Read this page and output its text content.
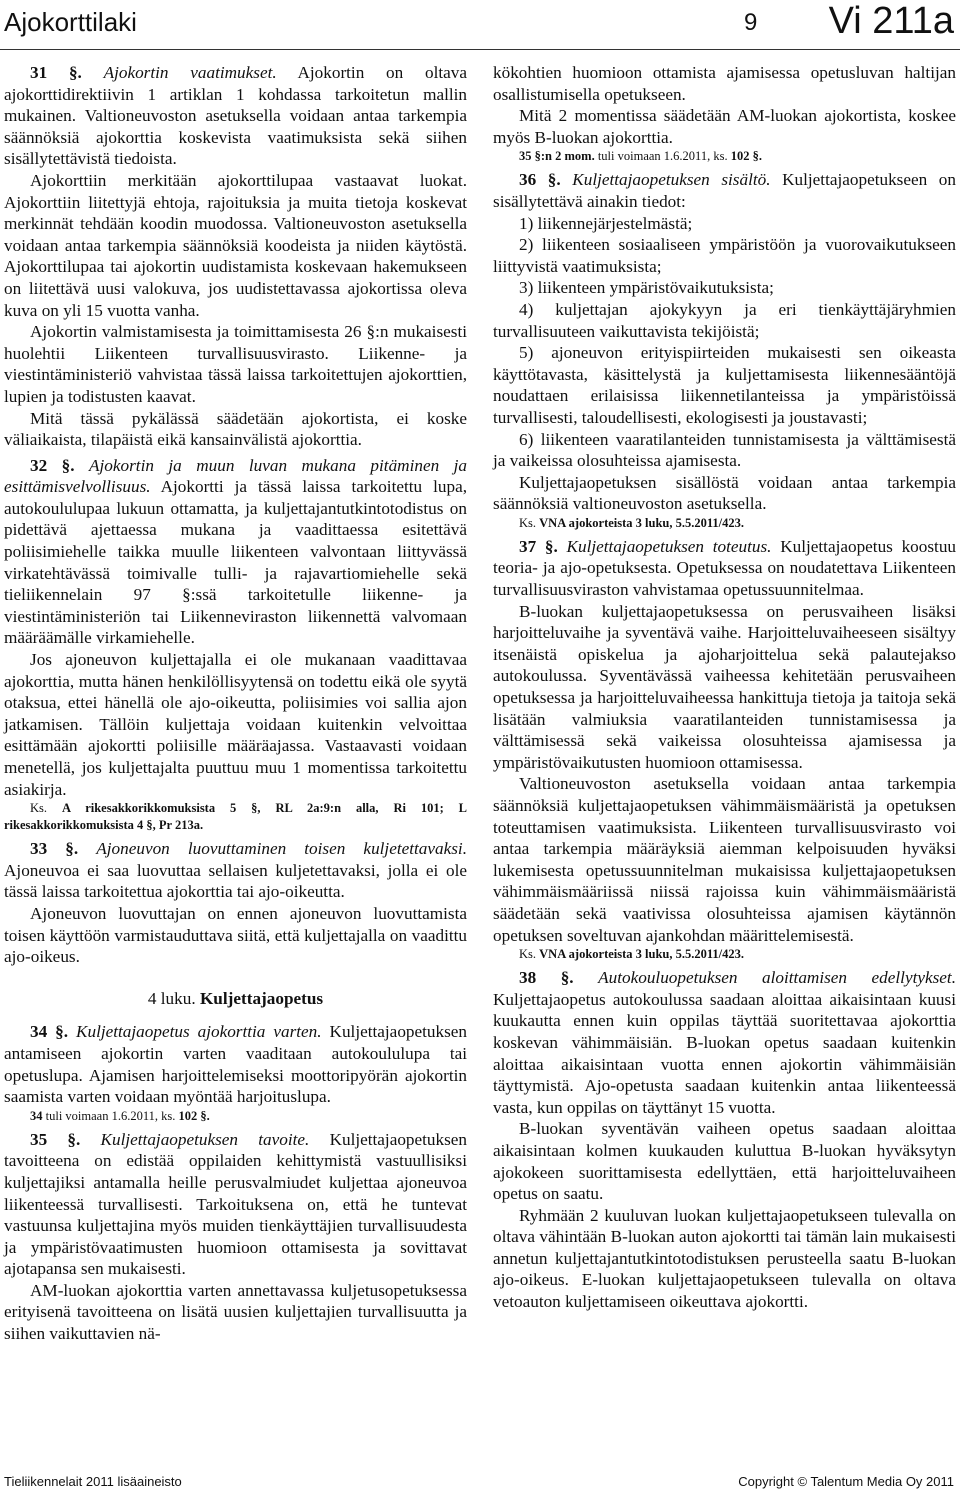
Ajokorttilaki	9 Vi 211a

31 §. Ajokortin vaatimukset. Ajokortin on oltava ajokorttidirektiivin 1 artiklan 1 kohdassa tarkoitetun mallin mukainen. Valtioneuvoston asetuksella voidaan antaa tarkempia säännöksiä ajokorttia koskevista vaatimuksista sekä siihen sisällytettävistä tiedoista.

Ajokorttiin merkitään ajokorttilupaa vastaavat luokat. Ajokorttiin liitettyjä ehtoja, rajoituksia ja muita tietoja koskevat merkinnät tehdään koodin muodossa. Valtioneuvoston asetuksella voidaan antaa tarkempia säännöksiä koodeista ja niiden käytöstä. Ajokorttilupaa tai ajokortin uudistamista koskevaan hakemukseen on liitettävä uusi valokuva, jos uudistettavassa ajokortissa oleva kuva on yli 15 vuotta vanha.

Ajokortin valmistamisesta ja toimittamisesta 26 §:n mukaisesti huolehtii Liikenteen turvallisuusvirasto. Liikenne- ja viestintäministeriö vahvistaa tässä laissa tarkoitettujen ajokorttien, lupien ja todistusten kaavat.

Mitä tässä pykälässä säädetään ajokortista, ei koske väliaikaista, tilapäistä eikä kansainvälistä ajokorttia.

32 §. Ajokortin ja muun luvan mukana pitäminen ja esittämisvelvollisuus. Ajokortti ja tässä laissa tarkoitettu lupa, autokoululupaa lukuun ottamatta, ja kuljettajantutkintotodistus on pidettävä ajettaessa mukana ja vaadittaessa esitettävä poliisimiehelle taikka muulle liikenteen valvontaan liittyvässä virkatehtävässä toimivalle tulli- ja rajavartiomiehelle sekä tieliikennelain 97 §:ssä tarkoitetulle liikenne- ja viestintäministeriön tai Liikenneviraston liikennettä valvomaan määräämälle virkamiehelle.

Jos ajoneuvon kuljettajalla ei ole mukanaan vaadittavaa ajokorttia, mutta hänen henkilöllisyytensä on todettu eikä ole syytä otaksua, ettei hänellä ole ajo-oikeutta, poliisimies voi sallia ajon jatkamisen. Tällöin kuljettaja voidaan kuitenkin velvoittaa esittämään ajokortti poliisille määräajassa. Vastaavasti voidaan menetellä, jos kuljettajalta puuttuu muu 1 momentissa tarkoitettu asiakirja.

Ks. A rikesakkorikkomuksista 5 §, RL 2a:9:n alla, Ri 101; L rikesakkorikkomuksista 4 §, Pr 213a.

33 §. Ajoneuvon luovuttaminen toisen kuljetettavaksi. Ajoneuvoa ei saa luovuttaa sellaisen kuljetettavaksi, jolla ei ole tässä laissa tarkoitettua ajokorttia tai ajo-oikeutta.

Ajoneuvon luovuttajan on ennen ajoneuvon luovuttamista toisen käyttöön varmistauduttava siitä, että kuljettajalla on vaadittu ajo-oikeus.

4 luku. Kuljettajaopetus

34 §. Kuljettajaopetus ajokorttia varten. Kuljettajaopetuksen antamiseen ajokortin varten vaaditaan autokoululupa tai opetuslupa. Ajamisen harjoittelemiseksi moottoripyörän ajokortin saamista varten voidaan myöntää harjoituslupa.

34 tuli voimaan 1.6.2011, ks. 102 §.

35 §. Kuljettajaopetuksen tavoite. Kuljettajaopetuksen tavoitteena on edistää oppilaiden kehittymistä vastuullisiksi kuljettajiksi antamalla heille perusvalmiudet kuljettaa ajoneuvoa liikenteessä turvallisesti. Tarkoituksena on, että he tuntevat vastuunsa kuljettajina myös muiden tienkäyttäjien turvallisuudesta ja ympäristövaatimusten huomioon ottamisesta ja sovittavat ajotapansa sen mukaisesti.

AM-luokan ajokorttia varten annettavassa kuljetusopetuksessa erityisenä tavoitteena on lisätä uusien kuljettajien turvallisuutta ja siihen vaikuttavien nä-

kökohtien huomioon ottamista ajamisessa opetusluvan haltijan osallistumisella opetukseen.

Mitä 2 momentissa säädetään AM-luokan ajokortista, koskee myös B-luokan ajokorttia.

35 §:n 2 mom. tuli voimaan 1.6.2011, ks. 102 §.

36 §. Kuljettajaopetuksen sisältö. Kuljettajaopetukseen on sisällytettävä ainakin tiedot:

1) liikennejärjestelmästä;

2) liikenteen sosiaaliseen ympäristöön ja vuorovaikutukseen liittyvistä vaatimuksista;

3) liikenteen ympäristövaikutuksista;

4) kuljettajan ajokykyyn ja eri tienkäyttäjäryhmien turvallisuuteen vaikuttavista tekijöistä;

5) ajoneuvon erityispiirteiden mukaisesti sen oikeasta käyttötavasta, käsittelystä ja kuljettamisesta liikennesääntöjä noudattaen erilaisissa liikennetilanteissa ja ympäristöissä turvallisesti, taloudellisesti, ekologisesti ja joustavasti;

6) liikenteen vaaratilanteiden tunnistamisesta ja välttämisestä ja vaikeissa olosuhteissa ajamisesta.

Kuljettajaopetuksen sisällöstä voidaan antaa tarkempia säännöksiä valtioneuvoston asetuksella.

Ks. VNA ajokorteista 3 luku, 5.5.2011/423.

37 §. Kuljettajaopetuksen toteutus. Kuljettajaopetus koostuu teoria- ja ajo-opetuksesta. Opetuksessa on noudatettava Liikenteen turvallisuusviraston vahvistamaa opetussuunnitelmaa.

B-luokan kuljettajaopetuksessa on perusvaiheen lisäksi harjoitteluvaihe ja syventävä vaihe. Harjoitteluvaiheeseen sisältyy itsenäistä opiskelua ja ajoharjoittelua sekä palautejakso autokoulussa. Syventävässä vaiheessa kehitetään perusvaiheen opetuksessa ja harjoitteluvaiheessa hankittuja tietoja ja taitoja sekä lisätään valmiuksia vaaratilanteiden tunnistamisessa ja välttämisessä sekä vaikeissa olosuhteissa ajamisessa ja ympäristövaikutusten huomioon ottamisessa.

Valtioneuvoston asetuksella voidaan antaa tarkempia säännöksiä kuljettajaopetuksen vähimmäismääristä ja opetuksen toteuttamisen vaatimuksista. Liikenteen turvallisuusvirasto voi antaa tarkempia määräyksiä aiemman kelpoisuuden hyväksi lukemisesta opetussuunnitelman mukaisissa kuljettajaopetuksen vähimmäismääriissä niissä rajoissa kuin vähimmäismääristä säädetään sekä vaativissa olosuhteissa ajamisen käytännön opetuksen soveltuvan ajankohdan määrittelemisestä.

Ks. VNA ajokorteista 3 luku, 5.5.2011/423.

38 §. Autokouluopetuksen aloittamisen edellytykset. Kuljettajaopetus autokoulussa saadaan aloittaa aikaisintaan kuusi kuukautta ennen kuin oppilas täyttää suoritettavaa ajokorttia koskevan vähimmäisiän. B-luokan opetus saadaan kuitenkin aloittaa aikaisintaan vuotta ennen ajokortin vähimmäisiän täyttymistä. Ajo-opetusta saadaan kuitenkin antaa liikenteessä vasta, kun oppilas on täyttänyt 15 vuotta.

B-luokan syventävän vaiheen opetus saadaan aloittaa aikaisintaan kolmen kuukauden kuluttua B-luokan hyväksytyn ajokokeen suorittamisesta edellyttäen, että harjoitteluvaiheen opetus on saatu.

Ryhmään 2 kuuluvan luokan kuljettajaopetukseen tulevalla on oltava vähintään B-luokan auton ajokortti tai tämän lain mukaisesti annetun kuljettajantutkintotodistuksen perusteella saatu B-luokan ajo-oikeus. E-luokan kuljettajaopetukseen tulevalla on oltava vetoauton kuljettamiseen oikeuttava ajokortti.

Tieliikennelait 2011 lisäaineisto	Copyright © Talentum Media Oy 2011
